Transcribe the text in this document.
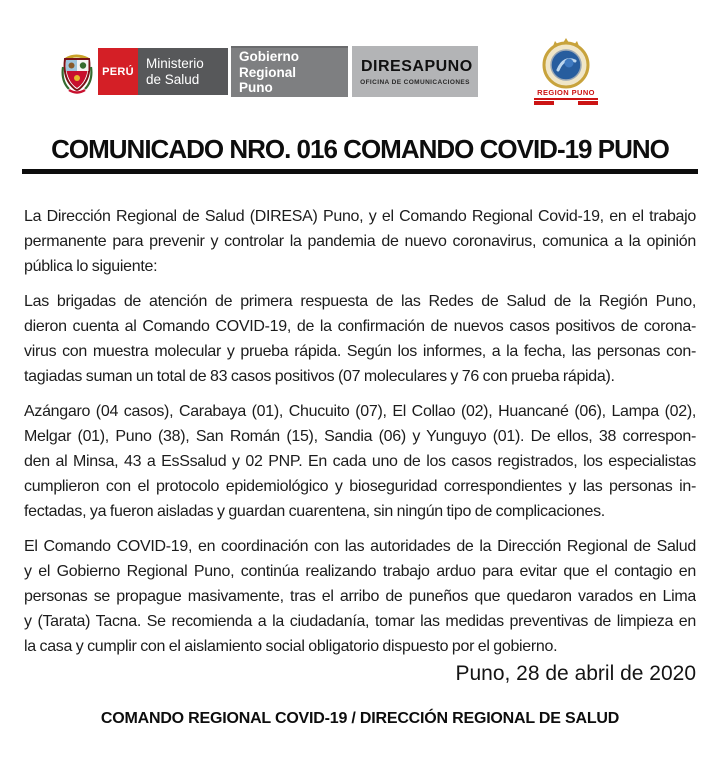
PERÚ
Ministerio
de Salud
Gobierno Regional
Puno
DIRESA PUNO
OFICINA DE COMUNICACIONES
REGION PUNO
COMUNICADO NRO. 016 COMANDO COVID-19 PUNO
La Dirección Regional de Salud (DIRESA) Puno, y el Comando Regional Covid-19, en el trabajo
permanente para prevenir y controlar la pandemia de nuevo coronavirus, comunica a la opinión
pública lo siguiente:
Las brigadas de atención de primera respuesta de las Redes de Salud de la Región Puno,
dieron cuenta al Comando COVID-19, de la confirmación de nuevos casos positivos de corona-
virus con muestra molecular y prueba rápida. Según los informes, a la fecha, las personas con-
tagiadas suman un total de 83 casos positivos (07 moleculares y 76 con prueba rápida).
Azángaro (04 casos), Carabaya (01), Chucuito (07), El Collao (02), Huancané (06), Lampa (02),
Melgar (01), Puno (38), San Román (15), Sandia (06) y Yunguyo (01). De ellos, 38 correspon-
den al Minsa, 43 a EsSsalud y 02 PNP. En cada uno de los casos registrados, los especialistas
cumplieron con el protocolo epidemiológico y bioseguridad correspondientes y las personas in-
fectadas, ya fueron aisladas y guardan cuarentena, sin ningún tipo de complicaciones.
El Comando COVID-19, en coordinación con las autoridades de la Dirección Regional de Salud
y el Gobierno Regional Puno, continúa realizando trabajo arduo para evitar que el contagio en
personas se propague masivamente, tras el arribo de puneños que quedaron varados en Lima
y (Tarata) Tacna. Se recomienda a la ciudadanía, tomar las medidas preventivas de limpieza en
la casa y cumplir con el aislamiento social obligatorio dispuesto por el gobierno.
Puno, 28 de abril de 2020
COMANDO REGIONAL COVID-19 / DIRECCIÓN REGIONAL DE SALUD
